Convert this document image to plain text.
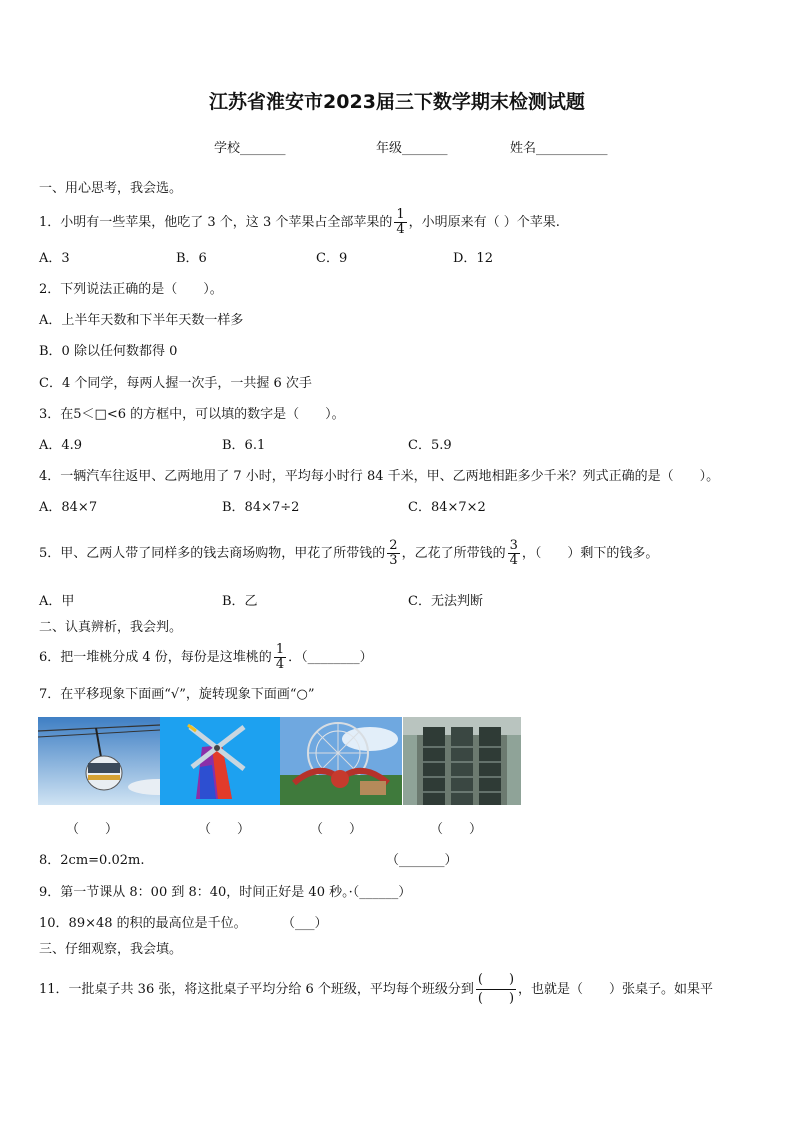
江苏省淮安市2023届三下数学期末检测试题
学校_______	年级_______	姓名___________
一、用心思考，我会选。
1．小明有一些苹果，他吃了 3 个，这 3 个苹果占全部苹果的 $\frac{1}{4}$ ，小明原来有（ ）个苹果.
A．3	B．6	C．9	D．12
2．下列说法正确的是（　　）。
A．上半年天数和下半年天数一样多
B．0 除以任何数都得 0
C．4 个同学，每两人握一次手，一共握 6 次手
3．在5＜□<6 的方框中，可以填的数字是（　　）。
A．4.9	B．6.1	C．5.9
4．一辆汽车往返甲、乙两地用了 7 小时，平均每小时行 84 千米，甲、乙两地相距多少千米？列式正确的是（　　）。
A．84×7	B．84×7÷2	C．84×7×2
5．甲、乙两人带了同样多的钱去商场购物，甲花了所带钱的 $\frac{2}{3}$ ，乙花了所带钱的 $\frac{3}{4}$ ，（　　）剩下的钱多。
A．甲	B．乙	C．无法判断
二、认真辨析，我会判。
6．把一堆桃分成 4 份，每份是这堆桃的 $\frac{1}{4}$ ．（________）
7．在平移现象下面画“√”，旋转现象下面画“○”
（　　）	（　　）	（　　）	（　　）
8．2cm=0.02m.	（_______）
9．第一节课从 8：00 到 8：40，时间正好是 40 秒。·（______）
10．89×48 的积的最高位是千位。	（___）
三、仔细观察，我会填。
11．一批桌子共 36 张，将这批桌子平均分给 6 个班级，平均每个班级分到 $\frac{( )}{( )}$ ，也就是（　　）张桌子。如果平
